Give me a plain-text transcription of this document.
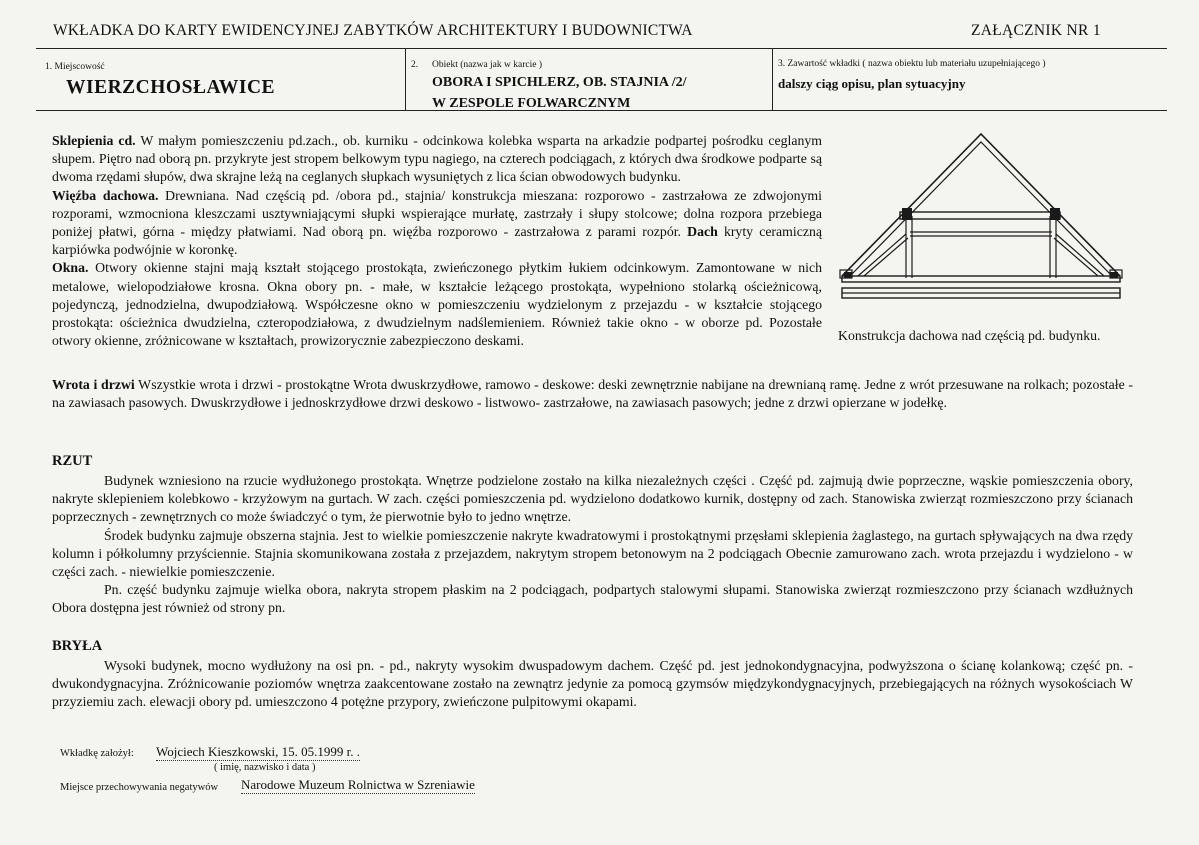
WKŁADKA DO KARTY EWIDENCYJNEJ ZABYTKÓW ARCHITEKTURY I BUDOWNICTWA	ZAŁĄCZNIK NR 1
1. Miejscowość
WIERZCHOSŁAWICE
2. Obiekt (nazwa jak w karcie )
OBORA I SPICHLERZ, OB. STAJNIA /2/
W ZESPOLE FOLWARCZNYM
3. Zawartość wkładki ( nazwa obiektu lub materiału uzupełniającego )
dalszy ciąg opisu, plan sytuacyjny
Konstrukcja dachowa nad częścią pd. budynku.

Sklepienia cd. W małym pomieszczeniu pd.zach., ob. kurniku - odcinkowa kolebka wsparta na arkadzie podpartej pośrodku ceglanym słupem. Piętro nad oborą pn. przykryte jest stropem belkowym typu nagiego, na czterech podciągach, z których dwa środkowe podparte są dwoma rzędami słupów, dwa skrajne leżą na ceglanych słupkach wysuniętych z lica ścian obwodowych budynku.

Więźba dachowa. Drewniana. Nad częścią pd. /obora pd., stajnia/ konstrukcja mieszana: rozporowo - zastrzałowa ze zdwojonymi rozporami, wzmocniona kleszczami usztywniającymi słupki wspierające murłatę, zastrzały i słupy stolcowe; dolna rozpora przebiega poniżej płatwi, górna - między płatwiami. Nad oborą pn. więźba rozporowo - zastrzałowa z parami rozpór. Dach kryty ceramiczną karpiówka podwójnie w koronkę.

Okna. Otwory okienne stajni mają kształt stojącego prostokąta, zwieńczonego płytkim łukiem odcinkowym. Zamontowane w nich metalowe, wielopodziałowe krosna. Okna obory pn. - małe, w kształcie leżącego prostokąta, wypełniono stolarką ościeżnicową, pojedynczą, jednodzielna, dwupodziałową. Współczesne okno w pomieszczeniu wydzielonym z przejazdu - w kształcie stojącego prostokąta: ościeżnica dwudzielna, czteropodziałowa, z dwudzielnym nadślemieniem. Również takie okno - w oborze pd. Pozostałe otwory okienne, zróżnicowane w kształtach, prowizorycznie zabezpieczono deskami.

Wrota i drzwi Wszystkie wrota i drzwi - prostokątne Wrota dwuskrzydłowe, ramowo - deskowe: deski zewnętrznie nabijane na drewnianą ramę. Jedne z wrót przesuwane na rolkach; pozostałe - na zawiasach pasowych. Dwuskrzydłowe i jednoskrzydłowe drzwi deskowo - listwowo- zastrzałowe, na zawiasach pasowych; jedne z drzwi opierzane w jodełkę.

RZUT

Budynek wzniesiono na rzucie wydłużonego prostokąta. Wnętrze podzielone zostało na kilka niezależnych części . Część pd. zajmują dwie poprzeczne, wąskie pomieszczenia obory, nakryte sklepieniem kolebkowo - krzyżowym na gurtach. W zach. części pomieszczenia pd. wydzielono dodatkowo kurnik, dostępny od zach. Stanowiska zwierząt rozmieszczono przy ścianach poprzecznych - zewnętrznych co może świadczyć o tym, że pierwotnie było to jedno wnętrze.

Środek budynku zajmuje obszerna stajnia. Jest to wielkie pomieszczenie nakryte kwadratowymi i prostokątnymi przęsłami sklepienia żaglastego, na gurtach spływających na dwa rzędy kolumn i półkolumny przyściennie. Stajnia skomunikowana została z przejazdem, nakrytym stropem betonowym na 2 podciągach Obecnie zamurowano zach. wrota przejazdu i wydzielono - w części zach. - niewielkie pomieszczenie.

Pn. część budynku zajmuje wielka obora, nakryta stropem płaskim na 2 podciągach, podpartych stalowymi słupami. Stanowiska zwierząt rozmieszczono przy ścianach wzdłużnych Obora dostępna jest również od strony pn.

BRYŁA

Wysoki budynek, mocno wydłużony na osi pn. - pd., nakryty wysokim dwuspadowym dachem. Część pd. jest jednokondygnacyjna, podwyższona o ścianę kolankową; część pn. - dwukondygnacyjna. Zróżnicowanie poziomów wnętrza zaakcentowane zostało na zewnątrz jedynie za pomocą gzymsów międzykondygnacyjnych, przebiegających na różnych wysokościach W przyziemiu zach. elewacji obory pd. umieszczono 4 potężne przypory, zwieńczone pulpitowymi okapami.

Wkładkę założył: Wojciech Kieszkowski, 15. 05.1999 r. .
( imię, nazwisko i data )
Miejsce przechowywania negatywów Narodowe Muzeum Rolnictwa w Szreniawie
